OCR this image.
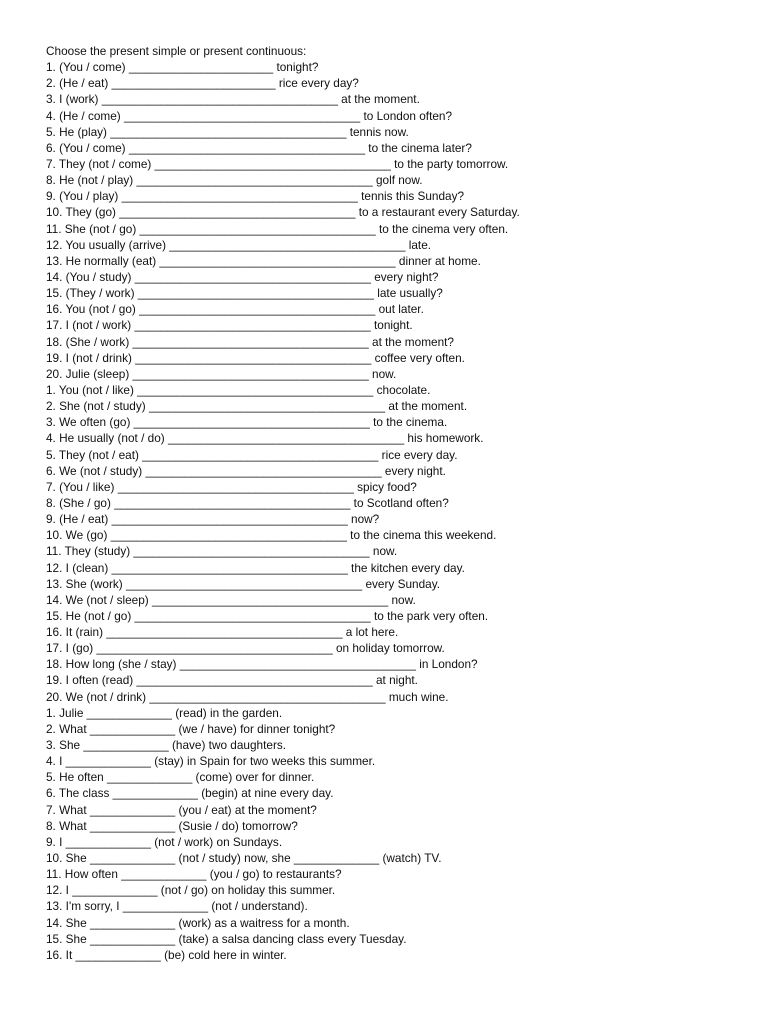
Choose the present simple or present continuous:
1. (You / come) ______________________ tonight?
2. (He / eat) _________________________ rice every day?
3. I (work) ____________________________________ at the moment.
4. (He / come) ____________________________________ to London often?
5. He (play) ____________________________________ tennis now.
6. (You / come) ____________________________________ to the cinema later?
7. They (not / come) ____________________________________ to the party tomorrow.
8. He (not / play) ____________________________________ golf now.
9. (You / play) ____________________________________ tennis this Sunday?
10. They (go) ____________________________________ to a restaurant every Saturday.
11. She (not / go) ____________________________________ to the cinema very often.
12. You usually (arrive) ____________________________________ late.
13. He normally (eat) ____________________________________ dinner at home.
14. (You / study) ____________________________________ every night?
15. (They / work) ____________________________________ late usually?
16. You (not / go) ____________________________________ out later.
17. I (not / work) ____________________________________ tonight.
18. (She / work) ____________________________________ at the moment?
19. I (not / drink) ____________________________________ coffee very often.
20. Julie (sleep) ____________________________________ now.
1. You (not / like) ____________________________________ chocolate.
2. She (not / study) ____________________________________ at the moment.
3. We often (go) ____________________________________ to the cinema.
4. He usually (not / do) ____________________________________ his homework.
5. They (not / eat) ____________________________________ rice every day.
6. We (not / study) ____________________________________ every night.
7. (You / like) ____________________________________ spicy food?
8. (She / go) ____________________________________ to Scotland often?
9. (He / eat) ____________________________________ now?
10. We (go) ____________________________________ to the cinema this weekend.
11. They (study) ____________________________________ now.
12. I (clean) ____________________________________ the kitchen every day.
13. She (work) ____________________________________ every Sunday.
14. We (not / sleep) ____________________________________ now.
15. He (not / go) ____________________________________ to the park very often.
16. It (rain) ____________________________________ a lot here.
17. I (go) ____________________________________ on holiday tomorrow.
18. How long (she / stay) ____________________________________ in London?
19. I often (read) ____________________________________ at night.
20. We (not / drink) ____________________________________ much wine.
1. Julie _____________ (read) in the garden.
2. What _____________ (we / have) for dinner tonight?
3. She _____________ (have) two daughters.
4. I _____________ (stay) in Spain for two weeks this summer.
5. He often _____________ (come) over for dinner.
6. The class _____________ (begin) at nine every day.
7. What _____________ (you / eat) at the moment?
8. What _____________ (Susie / do) tomorrow?
9. I _____________ (not / work) on Sundays.
10. She _____________ (not / study) now, she _____________ (watch) TV.
11. How often _____________ (you / go) to restaurants?
12. I _____________ (not / go) on holiday this summer.
13. I'm sorry, I _____________ (not / understand).
14. She _____________ (work) as a waitress for a month.
15. She _____________ (take) a salsa dancing class every Tuesday.
16. It _____________ (be) cold here in winter.
